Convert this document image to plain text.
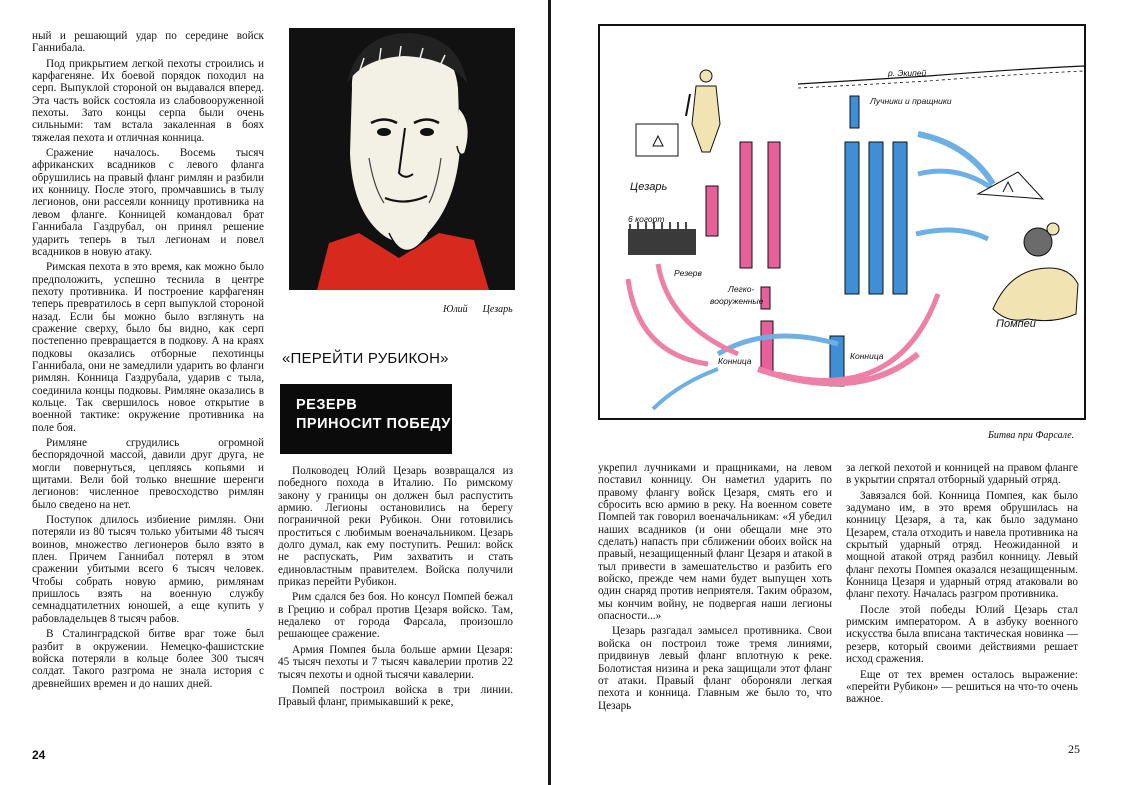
ный и решающий удар по середине войск Ганнибала.

Под прикрытием легкой пехоты строились и карфагеняне. Их боевой порядок походил на серп. Выпуклой стороной он выдавался вперед. Эта часть войск состояла из слабовооруженной пехоты. Зато концы серпа были очень сильными: там встала закаленная в боях тяжелая пехота и отличная конница.

Сражение началось. Восемь тысяч африканских всадников с левого фланга обрушились на правый фланг римлян и разбили их конницу. После этого, промчавшись в тылу легионов, они рассеяли конницу противника на левом фланге. Конницей командовал брат Ганнибала Газдрубал, он принял решение ударить теперь в тыл легионам и повел всадников в новую атаку.

Римская пехота в это время, как можно было предположить, успешно теснила в центре пехоту противника. И построение карфагенян теперь превратилось в серп выпуклой стороной назад. Если бы можно было взглянуть на сражение сверху, было бы видно, как серп постепенно превращается в подкову. А на краях подковы оказались отборные пехотинцы Ганнибала, они не замедлили ударить во фланги римлян. Конница Газдрубала, ударив с тыла, соединила концы подковы. Римляне оказались в кольце. Так свершилось новое открытие в военной тактике: окружение противника на поле боя.

Римляне сгрудились огромной беспорядочной массой, давили друг друга, не могли повернуться, цепляясь копьями и щитами. Вели бой только внешние шеренги легионов: численное превосходство римлян было сведено на нет.

Поступок длилось избиение римлян. Они потеряли из 80 тысяч только убитыми 48 тысяч воинов, множество легионеров было взято в плен. Причем Ганнибал потерял в этом сражении убитыми всего 6 тысяч человек. Чтобы собрать новую армию, римлянам пришлось взять на военную службу семнадцатилетних юношей, а еще купить у рабовладельцев 8 тысяч рабов.

В Сталинградской битве враг тоже был разбит в окружении. Немецко-фашистские войска потеряли в кольце более 300 тысяч солдат. Такого разгрома не знала история с древнейших времен и до наших дней.

Юлий      Цезарь
«ПЕРЕЙТИ РУБИКОН»
РЕЗЕРВ
ПРИНОСИТ ПОБЕДУ

Полководец Юлий Цезарь возвращался из победного похода в Италию. По римскому закону у границы он должен был распустить армию. Легионы остановились на берегу пограничной реки Рубикон. Они готовились проститься с любимым военачальником. Цезарь долго думал, как ему поступить. Решил: войск не распускать, Рим захватить и стать единовластным правителем. Войска получили приказ перейти Рубикон.

Рим сдался без боя. Но консул Помпей бежал в Грецию и собрал против Цезаря войско. Там, недалеко от города Фарсала, произошло решающее сражение.

Армия Помпея была больше армии Цезаря: 45 тысяч пехоты и 7 тысяч кавалерии против 22 тысяч пехоты и одной тысячи кавалерии.

Помпей построил войска в три линии. Правый фланг, примыкавший к реке,

24
р. Экипей
Цезарь
6 когорт
Резерв
Лучники и пращники
Легко-
вооруженные
Конница	Конница
Помпей
Битва при Фарсале.

укрепил лучниками и пращниками, на левом поставил конницу. Он наметил ударить по правому флангу войск Цезаря, смять его и сбросить всю армию в реку. На военном совете Помпей так говорил военачальникам: «Я убедил наших всадников (и они обещали мне это сделать) напасть при сближении обоих войск на правый, незащищенный фланг Цезаря и атакой в тыл привести в замешательство и разбить его войско, прежде чем нами будет выпущен хоть один снаряд против неприятеля. Таким образом, мы кончим войну, не подвергая наши легионы опасности...»

Цезарь разгадал замысел противника. Свои войска он построил тоже тремя линиями, придвинув левый фланг вплотную к реке. Болотистая низина и река защищали этот фланг от атаки. Правый фланг обороняли легкая пехота и конница. Главным же было то, что Цезарь

за легкой пехотой и конницей на правом фланге в укрытии спрятал отборный ударный отряд.

Завязался бой. Конница Помпея, как было задумано им, в это время обрушилась на конницу Цезаря, а та, как было задумано Цезарем, стала отходить и навела противника на скрытый ударный отряд. Неожиданной и мощной атакой отряд разбил конницу. Левый фланг пехоты Помпея оказался незащищенным. Конница Цезаря и ударный отряд атаковали во фланг пехоту. Началась разгром противника.

После этой победы Юлий Цезарь стал римским императором. А в азбуку военного искусства была вписана тактическая новинка — резерв, который своими действиями решает исход сражения.

Еще от тех времен осталось выражение: «перейти Рубикон» — решиться на что-то очень важное.

25
